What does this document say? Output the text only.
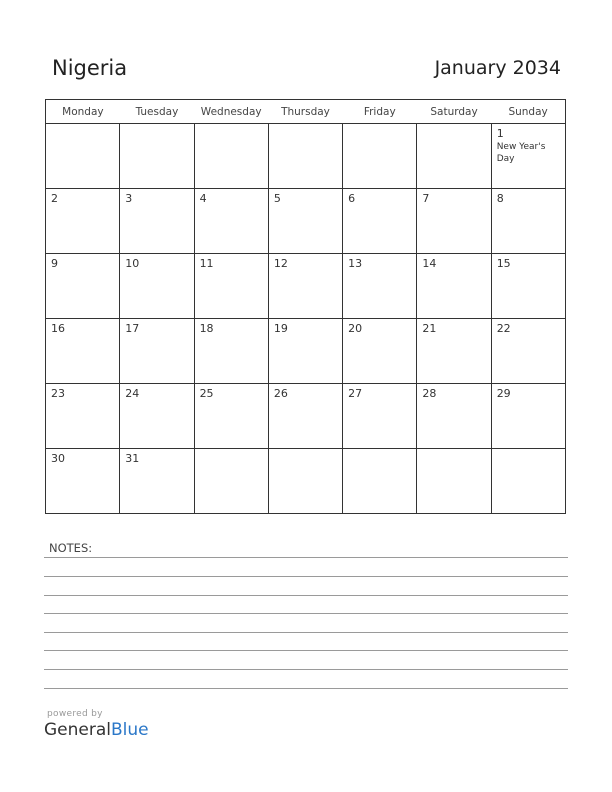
Nigeria	January 2034
Monday	Tuesday	Wednesday	Thursday	Friday	Saturday	Sunday

						1
New Year's Day

2	3	4	5	6	7	8

9	10	11	12	13	14	15

16	17	18	19	20	21	22

23	24	25	26	27	28	29

30	31					

NOTES:
powered by
GeneralBlue
